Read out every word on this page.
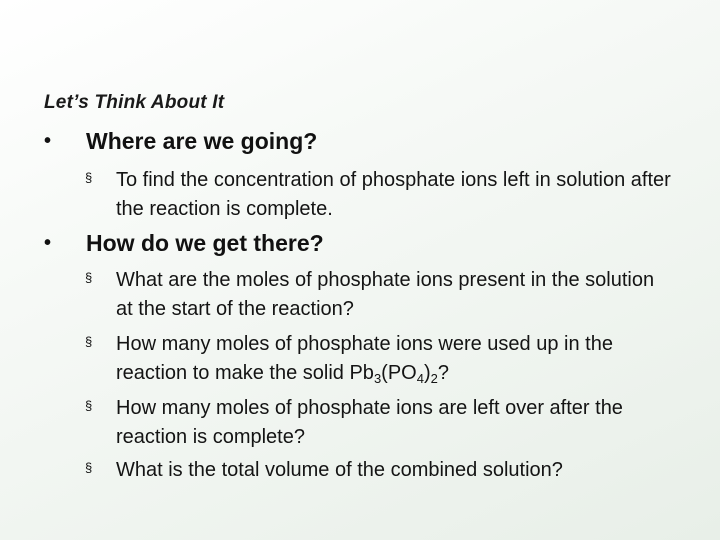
Let’s Think About It
• Where are we going?
§ To find the concentration of phosphate ions left in solution after the reaction is complete.
• How do we get there?
§ What are the moles of phosphate ions present in the solution at the start of the reaction?
§ How many moles of phosphate ions were used up in the reaction to make the solid $Pb_3(PO_4)_2$?
§ How many moles of phosphate ions are left over after the reaction is complete?
§ What is the total volume of the combined solution?
